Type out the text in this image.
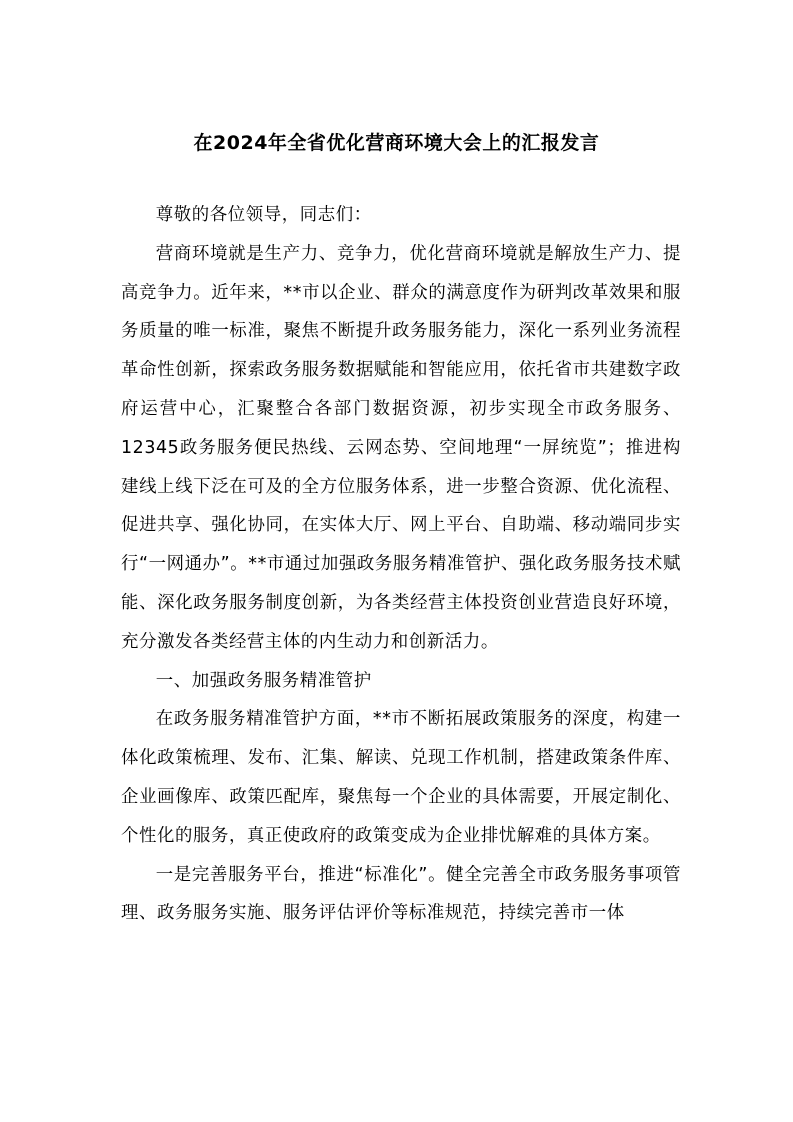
在2024年全省优化营商环境大会上的汇报发言

尊敬的各位领导，同志们：

营商环境就是生产力、竞争力，优化营商环境就是解放生产力、提高竞争力。近年来，**市以企业、群众的满意度作为研判改革效果和服务质量的唯一标准，聚焦不断提升政务服务能力，深化一系列业务流程革命性创新，探索政务服务数据赋能和智能应用，依托省市共建数字政府运营中心，汇聚整合各部门数据资源，初步实现全市政务服务、12345政务服务便民热线、云网态势、空间地理“一屏统览”；推进构建线上线下泛在可及的全方位服务体系，进一步整合资源、优化流程、促进共享、强化协同，在实体大厅、网上平台、自助端、移动端同步实行“一网通办”。**市通过加强政务服务精准管护、强化政务服务技术赋能、深化政务服务制度创新，为各类经营主体投资创业营造良好环境，充分激发各类经营主体的内生动力和创新活力。

一、加强政务服务精准管护

在政务服务精准管护方面，**市不断拓展政策服务的深度，构建一体化政策梳理、发布、汇集、解读、兑现工作机制，搭建政策条件库、企业画像库、政策匹配库，聚焦每一个企业的具体需要，开展定制化、个性化的服务，真正使政府的政策变成为企业排忧解难的具体方案。

一是完善服务平台，推进“标准化”。健全完善全市政务服务事项管理、政务服务实施、服务评估评价等标准规范，持续完善市一体
